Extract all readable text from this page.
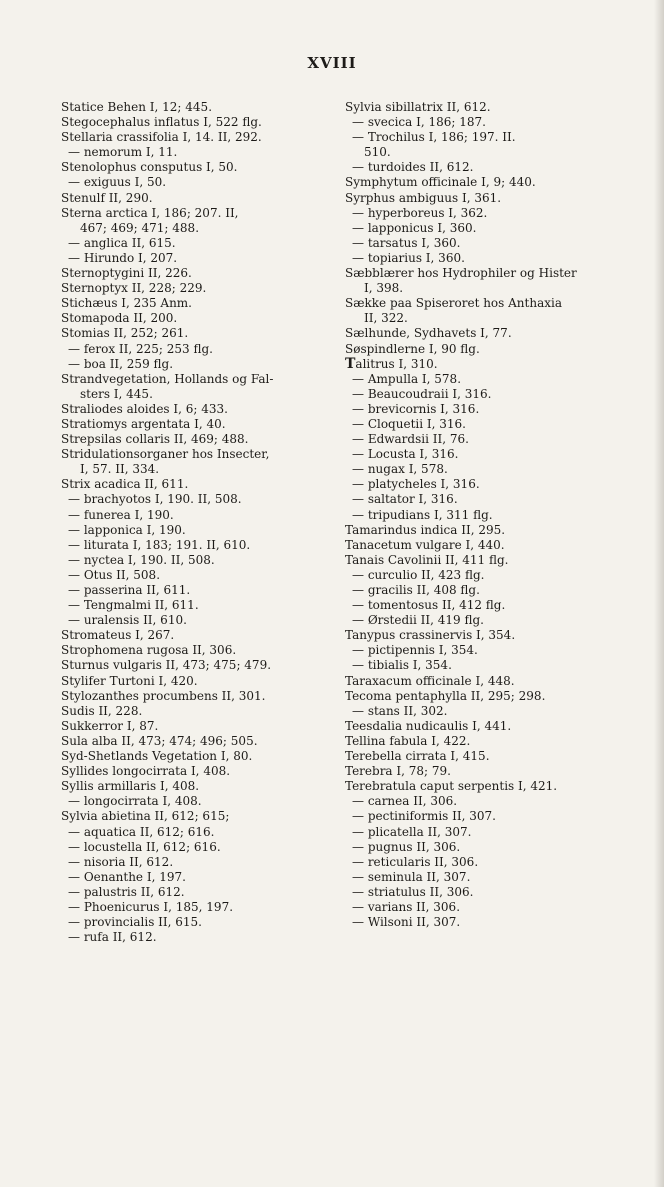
XVIII
Statice Behen I, 12; 445.
Stegocephalus inflatus I, 522 flg.
Stellaria crassifolia I, 14. II, 292.
— nemorum I, 11.
Stenolophus consputus I, 50.
— exiguus I, 50.
Stenulf II, 290.
Sterna arctica I, 186; 207. II,
467; 469; 471; 488.
— anglica II, 615.
— Hirundo I, 207.
Sternoptygini II, 226.
Sternoptyx II, 228; 229.
Stichæus I, 235 Anm.
Stomapoda II, 200.
Stomias II, 252; 261.
— ferox II, 225; 253 flg.
— boa II, 259 flg.
Strandvegetation, Hollands og Fal-
sters I, 445.
Straliodes aloides I, 6; 433.
Stratiomys argentata I, 40.
Strepsilas collaris II, 469; 488.
Stridulationsorganer hos Insecter,
I, 57. II, 334.
Strix acadica II, 611.
— brachyotos I, 190. II, 508.
— funerea I, 190.
— lapponica I, 190.
— liturata I, 183; 191. II, 610.
— nyctea I, 190. II, 508.
— Otus II, 508.
— passerina II, 611.
— Tengmalmi II, 611.
— uralensis II, 610.
Stromateus I, 267.
Strophomena rugosa II, 306.
Sturnus vulgaris II, 473; 475; 479.
Stylifer Turtoni I, 420.
Stylozanthes procumbens II, 301.
Sudis II, 228.
Sukkerror I, 87.
Sula alba II, 473; 474; 496; 505.
Syd-Shetlands Vegetation I, 80.
Syllides longocirrata I, 408.
Syllis armillaris I, 408.
— longocirrata I, 408.
Sylvia abietina II, 612; 615;
— aquatica II, 612; 616.
— locustella II, 612; 616.
— nisoria II, 612.
— Oenanthe I, 197.
— palustris II, 612.
— Phoenicurus I, 185, 197.
— provincialis II, 615.
— rufa II, 612.
Sylvia sibillatrix II, 612.
— svecica I, 186; 187.
— Trochilus I, 186; 197. II.
510.
— turdoides II, 612.
Symphytum officinale I, 9; 440.
Syrphus ambiguus I, 361.
— hyperboreus I, 362.
— lapponicus I, 360.
— tarsatus I, 360.
— topiarius I, 360.
Sæbblærer hos Hydrophiler og Hister
I, 398.
Sække paa Spiseroret hos Anthaxia
II, 322.
Sælhunde, Sydhavets I, 77.
Søspindlerne I, 90 flg.
Talitrus I, 310.
— Ampulla I, 578.
— Beaucoudraii I, 316.
— brevicornis I, 316.
— Cloquetii I, 316.
— Edwardsii II, 76.
— Locusta I, 316.
— nugax I, 578.
— platycheles I, 316.
— saltator I, 316.
— tripudians I, 311 flg.
Tamarindus indica II, 295.
Tanacetum vulgare I, 440.
Tanais Cavolinii II, 411 flg.
— curculio II, 423 flg.
— gracilis II, 408 flg.
— tomentosus II, 412 flg.
— Ørstedii II, 419 flg.
Tanypus crassinervis I, 354.
— pictipennis I, 354.
— tibialis I, 354.
Taraxacum officinale I, 448.
Tecoma pentaphylla II, 295; 298.
— stans II, 302.
Teesdalia nudicaulis I, 441.
Tellina fabula I, 422.
Terebella cirrata I, 415.
Terebra I, 78; 79.
Terebratula caput serpentis I, 421.
— carnea II, 306.
— pectiniformis II, 307.
— plicatella II, 307.
— pugnus II, 306.
— reticularis II, 306.
— seminula II, 307.
— striatulus II, 306.
— varians II, 306.
— Wilsoni II, 307.
